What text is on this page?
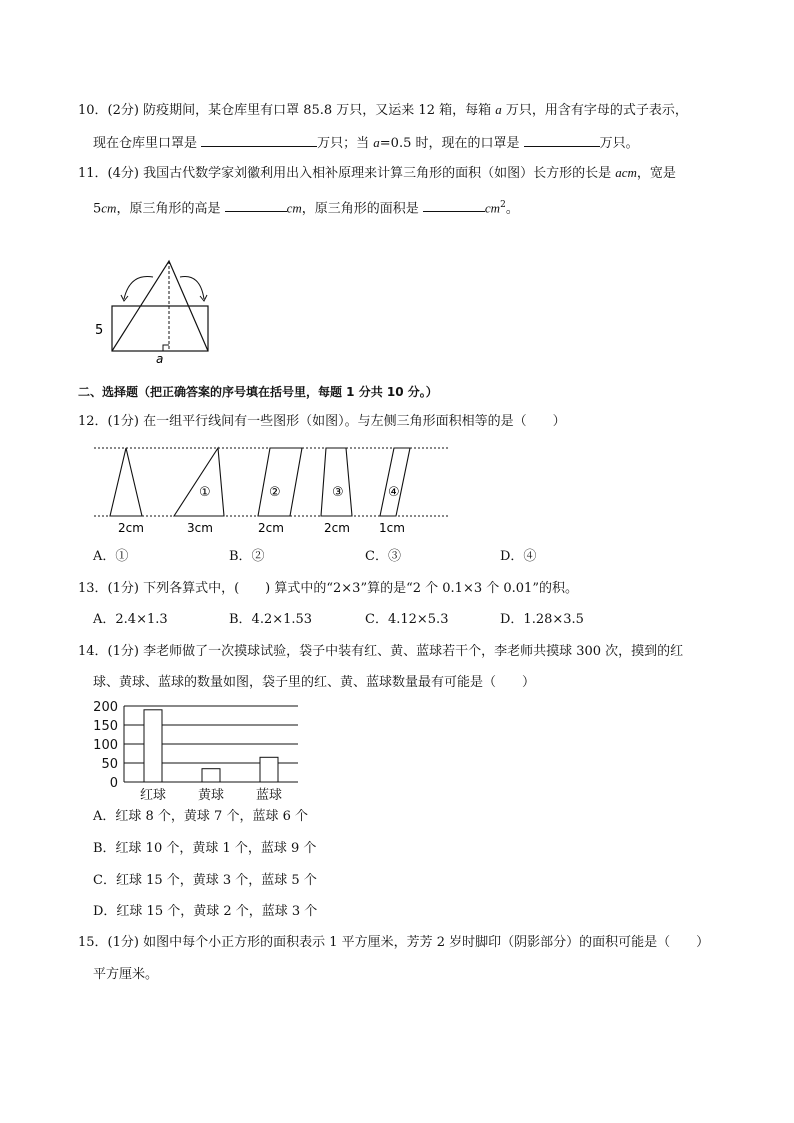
10．(2分) 防疫期间，某仓库里有口罩 85.8 万只，又运来 12 箱，每箱 a 万只，用含有字母的式子表示，
现在仓库里口罩是	万只；当 a=0.5 时，现在的口罩是	万只。
11．(4分) 我国古代数学家刘徽利用出入相补原理来计算三角形的面积（如图）长方形的长是 acm，宽是
5cm，原三角形的高是	cm，原三角形的面积是	$cm^2$。
5
a
二、选择题（把正确答案的序号填在括号里，每题 1 分共 10 分。）
12．(1分) 在一组平行线间有一些图形（如图）。与左侧三角形面积相等的是（　　）
①	②	③	④
2cm	3cm	2cm	2cm 1cm
A．①	B．②	C．③	D．④
13．(1分) 下列各算式中，(　　) 算式中的“2×3”算的是“2 个 0.1×3 个 0.01”的积。
A．2.4×1.3	B．4.2×1.53	C．4.12×5.3	D．1.28×3.5
14．(1分) 李老师做了一次摸球试验，袋子中装有红、黄、蓝球若干个，李老师共摸球 300 次，摸到的红
球、黄球、蓝球的数量如图，袋子里的红、黄、蓝球数量最有可能是（　　）
0
50
100
150
200
红球 黄球 蓝球
A．红球 8 个，黄球 7 个，蓝球 6 个
B．红球 10 个，黄球 1 个，蓝球 9 个
C．红球 15 个，黄球 3 个，蓝球 5 个
D．红球 15 个，黄球 2 个，蓝球 3 个
15．(1分) 如图中每个小正方形的面积表示 1 平方厘米，芳芳 2 岁时脚印（阴影部分）的面积可能是（　　）
平方厘米。
